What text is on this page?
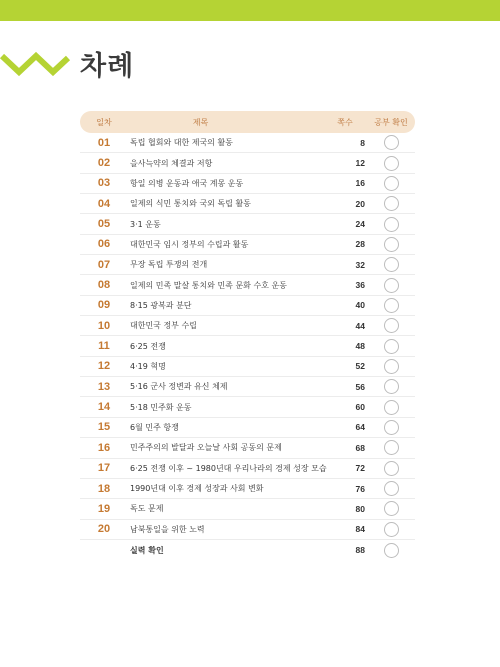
차례
일차	제목	쪽수	공부 확인
01	독립 협회와 대한 제국의 활동	8
02	을사늑약의 체결과 저항	12
03	항일 의병 운동과 애국 계몽 운동	16
04	일제의 식민 통치와 국외 독립 활동	20
05	3·1 운동	24
06	대한민국 임시 정부의 수립과 활동	28
07	무장 독립 투쟁의 전개	32
08	일제의 민족 말살 통치와 민족 문화 수호 운동	36
09	8·15 광복과 분단	40
10	대한민국 정부 수립	44
11	6·25 전쟁	48
12	4·19 혁명	52
13	5·16 군사 정변과 유신 체제	56
14	5·18 민주화 운동	60
15	6월 민주 항쟁	64
16	민주주의의 발달과 오늘날 사회 공동의 문제	68
17	6·25 전쟁 이후 ~ 1980년대 우리나라의 경제 성장 모습	72
18	1990년대 이후 경제 성장과 사회 변화	76
19	독도 문제	80
20	남북통일을 위한 노력	84
실력 확인	88
